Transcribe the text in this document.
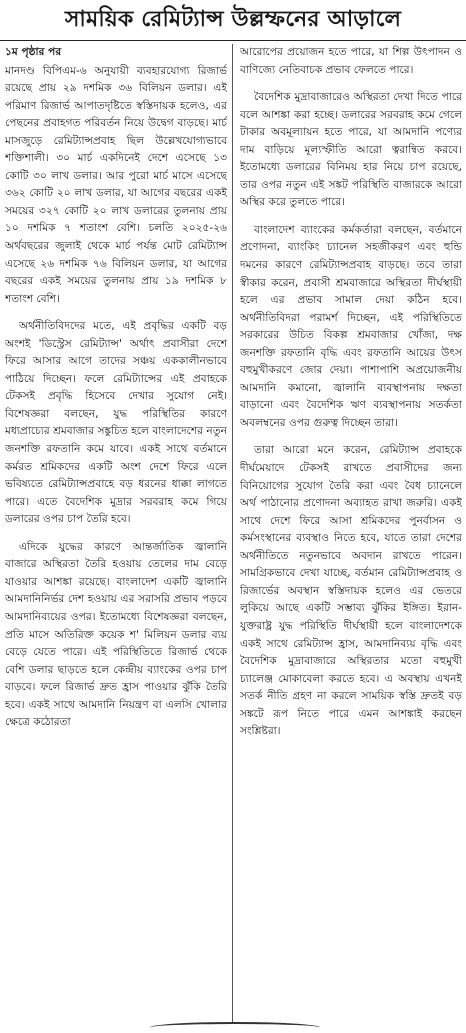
সাময়িক রেমিট্যান্স উল্লম্ফনের আড়ালে
১ম পৃষ্ঠার পর

মানদণ্ড বিপিএম-৬ অনুযায়ী ব্যবহারযোগ্য রিজার্ভ রয়েছে প্রায় ২৯ দশমিক ৩৬ বিলিয়ন ডলার। এই পরিমাণ রিজার্ভ আপাতদৃষ্টিতে স্বস্তিদায়ক হলেও, এর পেছনের প্রবাহগত পরিবর্তন নিয়ে উদ্বেগ বাড়ছে। মার্চ মাসজুড়ে রেমিট্যান্সপ্রবাহ ছিল উল্লেখযোগ্যভাবে শক্তিশালী। ৩০ মার্চ একদিনেই দেশে এসেছে ১৩ কোটি ৩০ লাখ ডলার। আর পুরো মার্চ মাসে এসেছে ৩৬২ কোটি ২০ লাখ ডলার, যা আগের বছরের একই সময়ের ৩২৭ কোটি ২০ লাখ ডলারের তুলনায় প্রায় ১০ দশমিক ৭ শতাংশ বেশি। চলতি ২০২৫-২৬ অর্থবছরের জুলাই থেকে মার্চ পর্যন্ত মোট রেমিট্যান্স এসেছে ২৬ দশমিক ৭৬ বিলিয়ন ডলার, যা আগের বছরের একই সময়ের তুলনায় প্রায় ১৯ দশমিক ৮ শতাংশ বেশি।

অর্থনীতিবিদদের মতে, এই প্রবৃদ্ধির একটি বড় অংশই 'ডিস্ট্রেস রেমিট্যান্স' অর্থাৎ প্রবাসীরা দেশে ফিরে আসার আগে তাদের সঞ্চয় এককালীনভাবে পাঠিয়ে দিচ্ছেন। ফলে রেমিট্যান্সের এই প্রবাহকে টেকসই প্রবৃদ্ধি হিসেবে দেখার সুযোগ নেই। বিশেষজ্ঞরা বলছেন, যুদ্ধ পরিস্থিতির কারণে মধ্যপ্রাচ্যের শ্রমবাজার সঙ্কুচিত হলে বাংলাদেশের নতুন জনশক্তি রফতানি কমে যাবে। একই সাথে বর্তমানে কর্মরত শ্রমিকদের একটি অংশ দেশে ফিরে এলে ভবিষ্যতে রেমিট্যান্সপ্রবাহে বড় ধরনের ধাক্কা লাগতে পারে। এতে বৈদেশিক মুদ্রার সরবরাহ কমে গিয়ে ডলারের ওপর চাপ তৈরি হবে।

এদিকে যুদ্ধের কারণে আন্তর্জাতিক জ্বালানি বাজারে অস্থিরতা তৈরি হওয়ায় তেলের দাম বেড়ে যাওয়ার আশঙ্কা রয়েছে। বাংলাদেশ একটি জ্বালানি আমদানিনির্ভর দেশ হওয়ায় এর সরাসরি প্রভাব পড়বে আমদানিব্যয়ের ওপর। ইতোমধ্যে বিশেষজ্ঞরা বলছেন, প্রতি মাসে অতিরিক্ত কয়েক শ' মিলিয়ন ডলার ব্যয় বেড়ে যেতে পারে। এই পরিস্থিতিতে রিজার্ভ থেকে বেশি ডলার ছাড়তে হলে কেন্দ্রীয় ব্যাংকের ওপর চাপ বাড়বে। ফলে রিজার্ভ দ্রুত হ্রাস পাওয়ার ঝুঁকি তৈরি হবে। একই সাথে আমদানি নিয়ন্ত্রণ বা এলসি খোলার ক্ষেত্রে কঠোরতা

আরোপের প্রয়োজন হতে পারে, যা শিল্প উৎপাদন ও বাণিজ্যে নেতিবাচক প্রভাব ফেলতে পারে।

বৈদেশিক মুদ্রাবাজারেও অস্থিরতা দেখা দিতে পারে বলে আশঙ্কা করা হচ্ছে। ডলারের সরবরাহ কমে গেলে টাকার অবমূল্যায়ন হতে পারে, যা আমদানি পণ্যের দাম বাড়িয়ে মূল্যস্ফীতি আরো ত্বরান্বিত করবে। ইতোমধ্যে ডলারের বিনিময় হার নিয়ে চাপ রয়েছে, তার ওপর নতুন এই সঙ্কট পরিস্থিতি বাজারকে আরো অস্থির করে তুলতে পারে।

বাংলাদেশ ব্যাংকের কর্মকর্তারা বলছেন, বর্তমানে প্রণোদনা, ব্যাংকিং চ্যানেল সহজীকরণ এবং হুন্ডি দমনের কারণে রেমিট্যান্সপ্রবাহ বাড়ছে। তবে তারা স্বীকার করেন, প্রবাসী শ্রমবাজারে অস্থিরতা দীর্ঘস্থায়ী হলে এর প্রভাব সামাল দেয়া কঠিন হবে। অর্থনীতিবিদরা পরামর্শ দিচ্ছেন, এই পরিস্থিতিতে সরকারের উচিত বিকল্প শ্রমবাজার খোঁজা, দক্ষ জনশক্তি রফতানি বৃদ্ধি এবং রফতানি আয়ের উৎস বহুমুখীকরণে জোর দেয়া। পাশাপাশি অপ্রয়োজনীয় আমদানি কমানো, জ্বালানি ব্যবস্থাপনায় দক্ষতা বাড়ানো এবং বৈদেশিক ঋণ ব্যবস্থাপনায় সতর্কতা অবলম্বনের ওপর গুরুত্ব দিচ্ছেন তারা।

তারা আরো মনে করেন, রেমিট্যান্স প্রবাহকে দীর্ঘমেয়াদে টেকসই রাখতে প্রবাসীদের জন্য বিনিয়োগের সুযোগ তৈরি করা এবং বৈধ চ্যানেলে অর্থ পাঠানোর প্রণোদনা অব্যাহত রাখা জরুরি। একই সাথে দেশে ফিরে আসা শ্রমিকদের পুনর্বাসন ও কর্মসংস্থানের ব্যবস্থাও নিতে হবে, যাতে তারা দেশের অর্থনীতিতে নতুনভাবে অবদান রাখতে পারেন। সামগ্রিকভাবে দেখা যাচ্ছে, বর্তমান রেমিট্যান্সপ্রবাহ ও রিজার্ভের অবস্থান স্বস্তিদায়ক হলেও এর ভেতরে লুকিয়ে আছে একটি সম্ভাব্য ঝুঁকির ইঙ্গিত। ইরান-যুক্তরাষ্ট্র যুদ্ধ পরিস্থিতি দীর্ঘস্থায়ী হলে বাংলাদেশকে একই সাথে রেমিট্যান্স হ্রাস, আমদানিব্যয় বৃদ্ধি এবং বৈদেশিক মুদ্রাবাজারে অস্থিরতার মতো বহুমুখী চ্যালেঞ্জ মোকাবেলা করতে হবে। এ অবস্থায় এখনই সতর্ক নীতি গ্রহণ না করলে সাময়িক স্বস্তি দ্রুতই বড় সঙ্কটে রূপ নিতে পারে এমন আশঙ্কাই করছেন সংশ্লিষ্টরা।
